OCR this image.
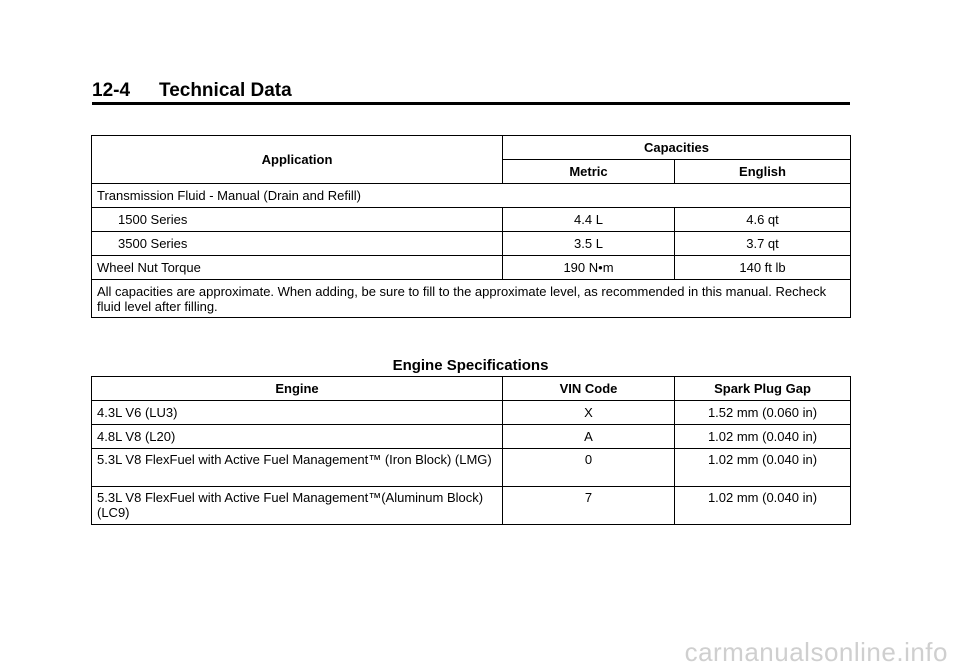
12-4 Technical Data
Application	Capacities	
	Metric	English
Transmission Fluid - Manual (Drain and Refill)		
1500 Series	4.4 L	4.6 qt
3500 Series	3.5 L	3.7 qt
Wheel Nut Torque	190 N•m	140 ft lb
All capacities are approximate. When adding, be sure to fill to the approximate level, as recommended in this manual. Recheck fluid level after filling.		
Engine Specifications
Engine	VIN Code	Spark Plug Gap
4.3L V6 (LU3)	X	1.52 mm (0.060 in)
4.8L V8 (L20)	A	1.02 mm (0.040 in)
5.3L V8 FlexFuel with Active Fuel Management™ (Iron Block) (LMG)	0	1.02 mm (0.040 in)
5.3L V8 FlexFuel with Active Fuel Management™(Aluminum Block) (LC9)	7	1.02 mm (0.040 in)
carmanualsonline.info
